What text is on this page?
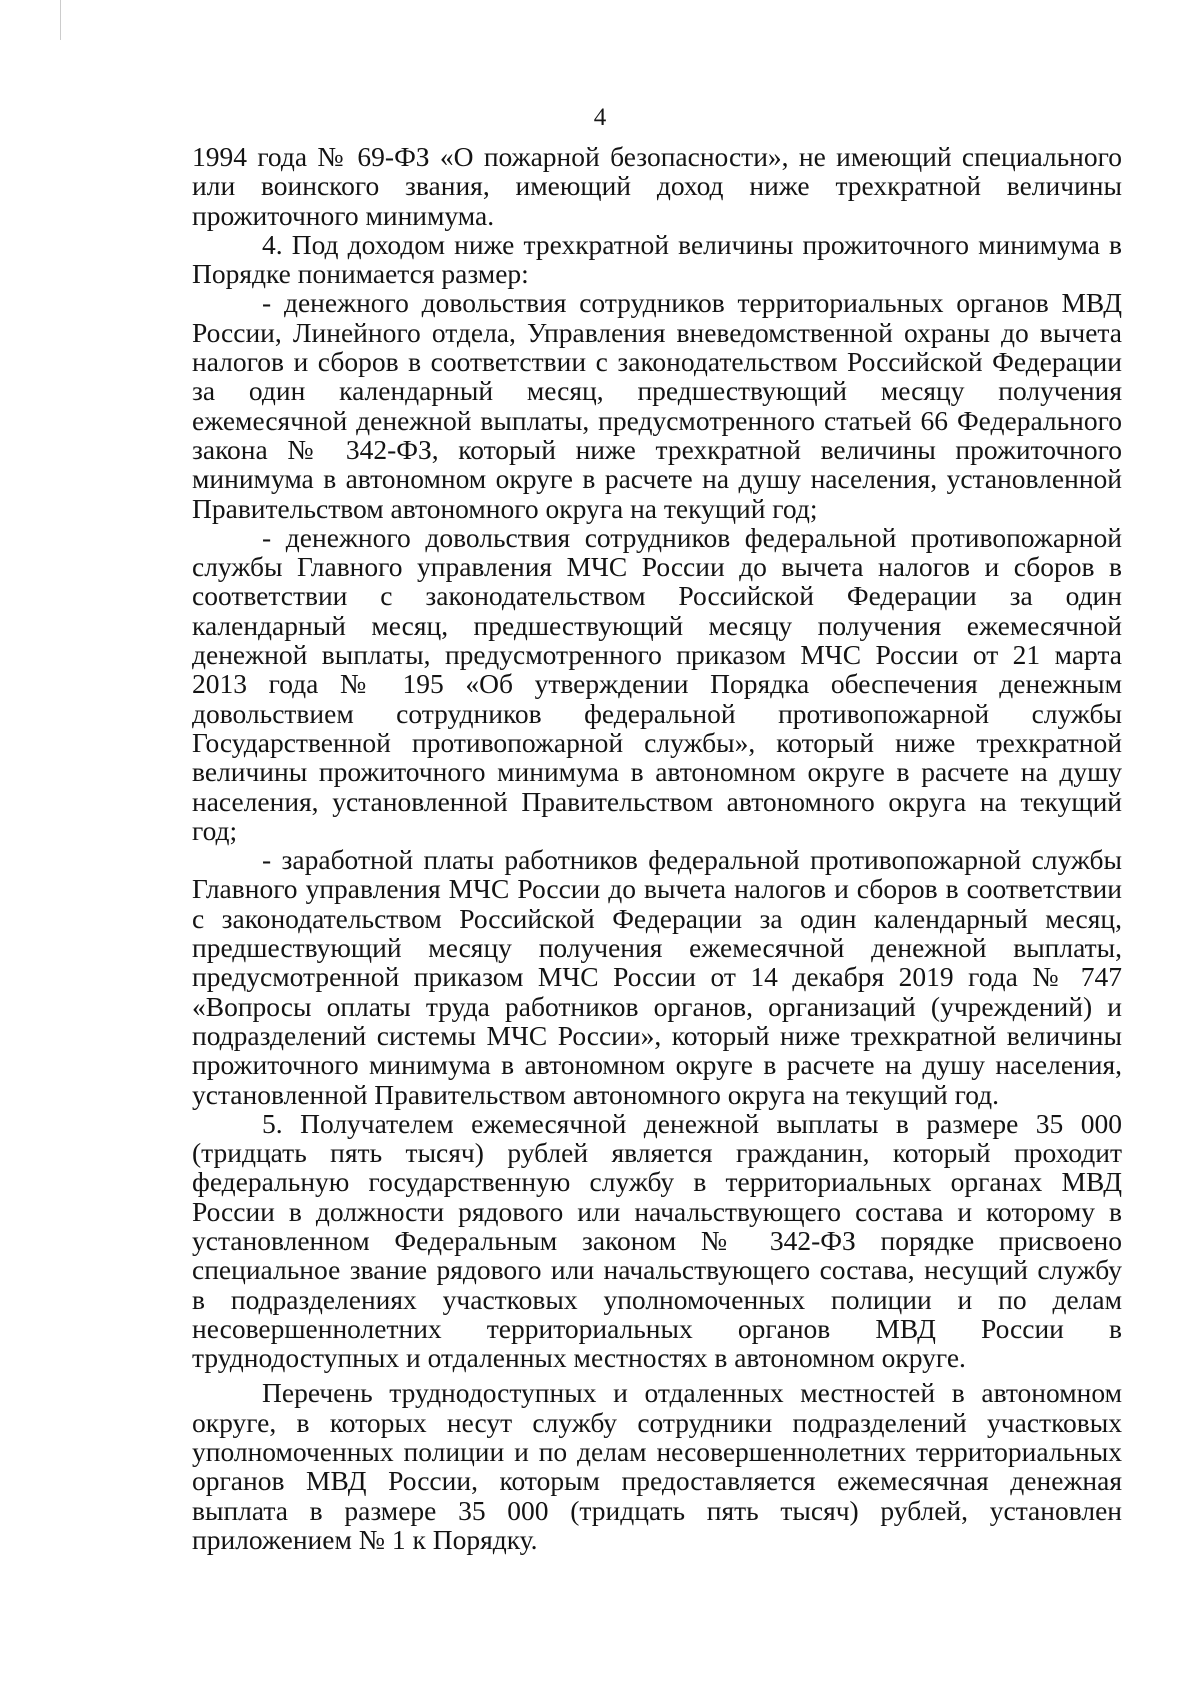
4

1994 года № 69-ФЗ «О пожарной безопасности», не имеющий специального или воинского звания, имеющий доход ниже трехкратной величины прожиточного минимума.

4. Под доходом ниже трехкратной величины прожиточного минимума в Порядке понимается размер:

- денежного довольствия сотрудников территориальных органов МВД России, Линейного отдела, Управления вневедомственной охраны до вычета налогов и сборов в соответствии с законодательством Российской Федерации за один календарный месяц, предшествующий месяцу получения ежемесячной денежной выплаты, предусмотренного статьей 66 Федерального закона № 342-ФЗ, который ниже трехкратной величины прожиточного минимума в автономном округе в расчете на душу населения, установленной Правительством автономного округа на текущий год;

- денежного довольствия сотрудников федеральной противопожарной службы Главного управления МЧС России до вычета налогов и сборов в соответствии с законодательством Российской Федерации за один календарный месяц, предшествующий месяцу получения ежемесячной денежной выплаты, предусмотренного приказом МЧС России от 21 марта 2013 года № 195 «Об утверждении Порядка обеспечения денежным довольствием сотрудников федеральной противопожарной службы Государственной противопожарной службы», который ниже трехкратной величины прожиточного минимума в автономном округе в расчете на душу населения, установленной Правительством автономного округа на текущий год;

- заработной платы работников федеральной противопожарной службы Главного управления МЧС России до вычета налогов и сборов в соответствии с законодательством Российской Федерации за один календарный месяц, предшествующий месяцу получения ежемесячной денежной выплаты, предусмотренной приказом МЧС России от 14 декабря 2019 года № 747 «Вопросы оплаты труда работников органов, организаций (учреждений) и подразделений системы МЧС России», который ниже трехкратной величины прожиточного минимума в автономном округе в расчете на душу населения, установленной Правительством автономного округа на текущий год.

5. Получателем ежемесячной денежной выплаты в размере 35 000 (тридцать пять тысяч) рублей является гражданин, который проходит федеральную государственную службу в территориальных органах МВД России в должности рядового или начальствующего состава и которому в установленном Федеральным законом № 342-ФЗ порядке присвоено специальное звание рядового или начальствующего состава, несущий службу в подразделениях участковых уполномоченных полиции и по делам несовершеннолетних территориальных органов МВД России в труднодоступных и отдаленных местностях в автономном округе.

Перечень труднодоступных и отдаленных местностей в автономном округе, в которых несут службу сотрудники подразделений участковых уполномоченных полиции и по делам несовершеннолетних территориальных органов МВД России, которым предоставляется ежемесячная денежная выплата в размере 35 000 (тридцать пять тысяч) рублей, установлен приложением № 1 к Порядку.
